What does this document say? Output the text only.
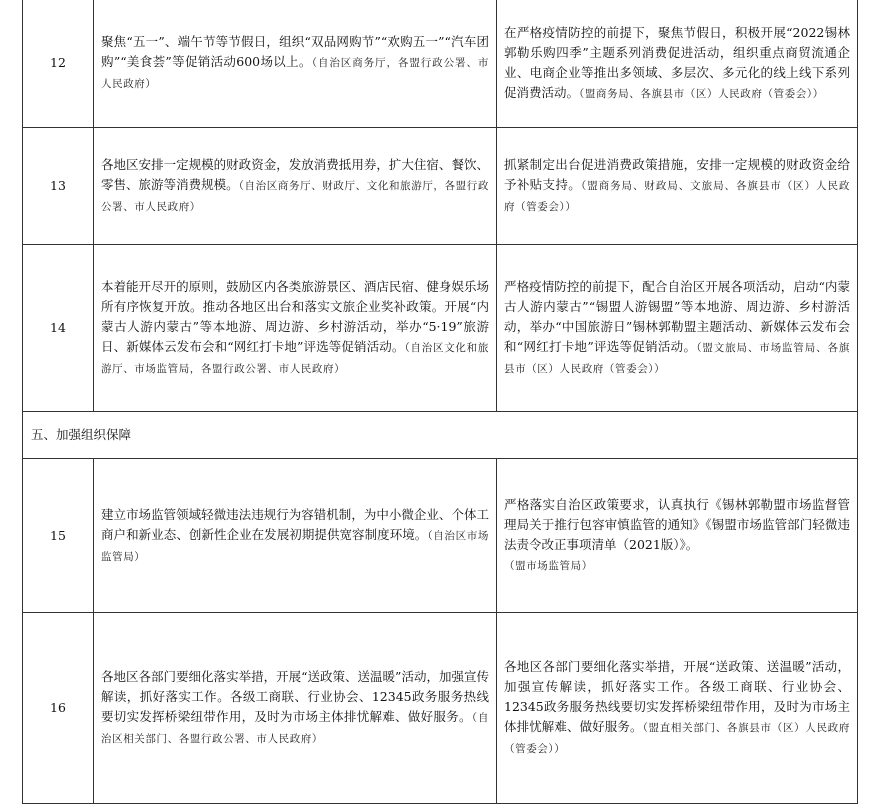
12	聚焦“五一”、端午节等节假日，组织“双品网购节”“欢购五一”“汽车团购”“美食荟”等促销活动600场以上。（自治区商务厅，各盟行政公署、市人民政府）	在严格疫情防控的前提下，聚焦节假日，积极开展“2022锡林郭勒乐购四季”主题系列消费促进活动，组织重点商贸流通企业、电商企业等推出多领域、多层次、多元化的线上线下系列促消费活动。（盟商务局、各旗县市（区）人民政府（管委会））
13	各地区安排一定规模的财政资金，发放消费抵用券，扩大住宿、餐饮、零售、旅游等消费规模。（自治区商务厅、财政厅、文化和旅游厅，各盟行政公署、市人民政府）	抓紧制定出台促进消费政策措施，安排一定规模的财政资金给予补贴支持。（盟商务局、财政局、文旅局、各旗县市（区）人民政府（管委会））
14	本着能开尽开的原则，鼓励区内各类旅游景区、酒店民宿、健身娱乐场所有序恢复开放。推动各地区出台和落实文旅企业奖补政策。开展“内蒙古人游内蒙古”等本地游、周边游、乡村游活动，举办“5·19”旅游日、新媒体云发布会和“网红打卡地”评选等促销活动。（自治区文化和旅游厅、市场监管局，各盟行政公署、市人民政府）	严格疫情防控的前提下，配合自治区开展各项活动，启动“内蒙古人游内蒙古”“锡盟人游锡盟”等本地游、周边游、乡村游活动，举办“中国旅游日”锡林郭勒盟主题活动、新媒体云发布会和“网红打卡地”评选等促销活动。（盟文旅局、市场监管局、各旗县市（区）人民政府（管委会））
五、加强组织保障		
15	建立市场监管领域轻微违法违规行为容错机制，为中小微企业、个体工商户和新业态、创新性企业在发展初期提供宽容制度环境。（自治区市场监管局）	严格落实自治区政策要求，认真执行《锡林郭勒盟市场监督管理局关于推行包容审慎监管的通知》《锡盟市场监管部门轻微违法责令改正事项清单（2021版）》。
（盟市场监管局）
16	各地区各部门要细化落实举措，开展“送政策、送温暖”活动，加强宣传解读，抓好落实工作。各级工商联、行业协会、12345政务服务热线要切实发挥桥梁纽带作用，及时为市场主体排忧解难、做好服务。（自治区相关部门、各盟行政公署、市人民政府）	各地区各部门要细化落实举措，开展“送政策、送温暖”活动，加强宣传解读，抓好落实工作。各级工商联、行业协会、12345政务服务热线要切实发挥桥梁纽带作用，及时为市场主体排忧解难、做好服务。（盟直相关部门、各旗县市（区）人民政府（管委会））
